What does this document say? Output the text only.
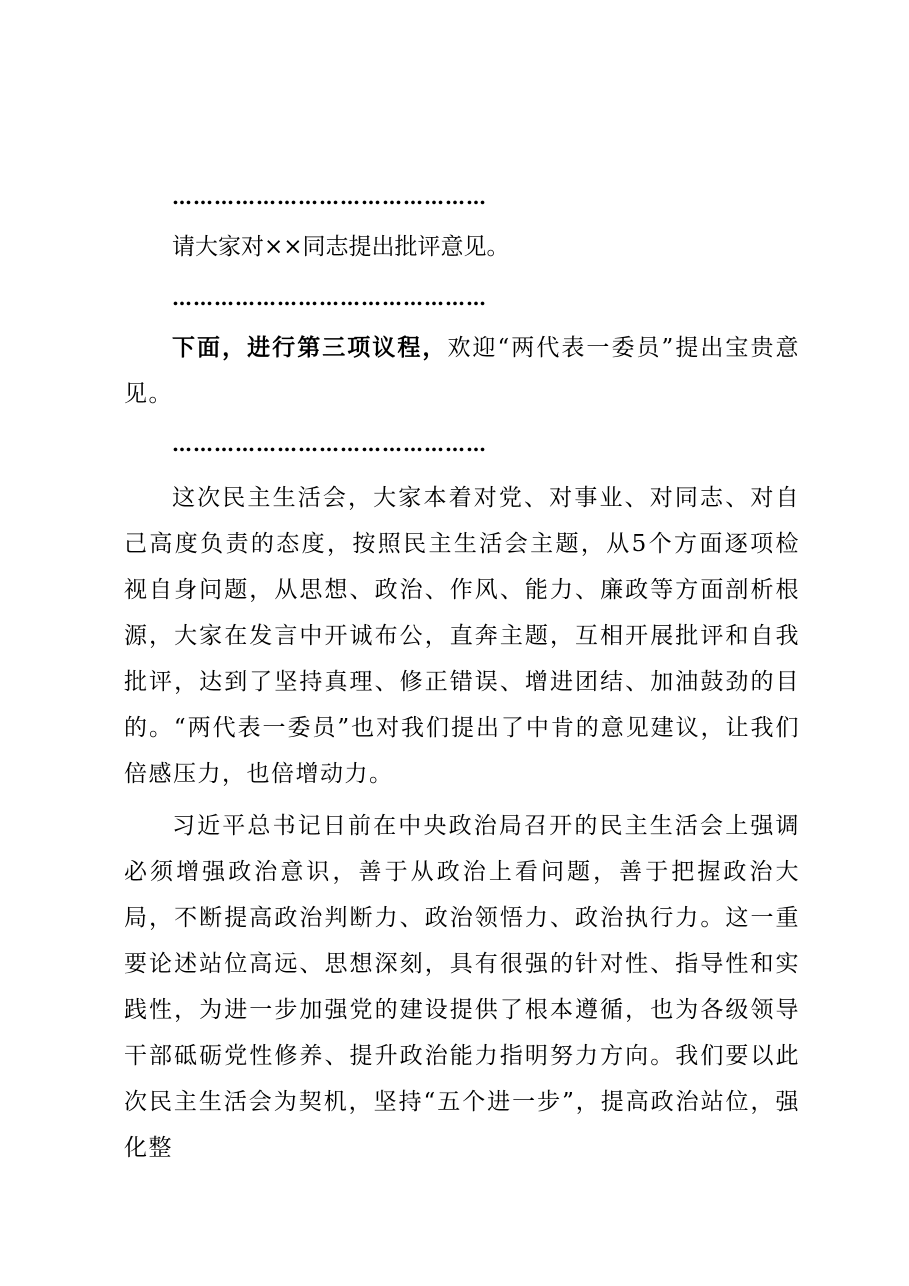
………………………………………
请大家对××同志提出批评意见。
………………………………………

下面，进行第三项议程，欢迎“两代表一委员”提出宝贵意见。

………………………………………

这次民主生活会，大家本着对党、对事业、对同志、对自己高度负责的态度，按照民主生活会主题，从5个方面逐项检视自身问题，从思想、政治、作风、能力、廉政等方面剖析根源，大家在发言中开诚布公，直奔主题，互相开展批评和自我批评，达到了坚持真理、修正错误、增进团结、加油鼓劲的目的。“两代表一委员”也对我们提出了中肯的意见建议，让我们倍感压力，也倍增动力。

习近平总书记日前在中央政治局召开的民主生活会上强调必须增强政治意识，善于从政治上看问题，善于把握政治大局，不断提高政治判断力、政治领悟力、政治执行力。这一重要论述站位高远、思想深刻，具有很强的针对性、指导性和实践性，为进一步加强党的建设提供了根本遵循，也为各级领导干部砥砺党性修养、提升政治能力指明努力方向。我们要以此次民主生活会为契机，坚持“五个进一步”，提高政治站位，强化整
